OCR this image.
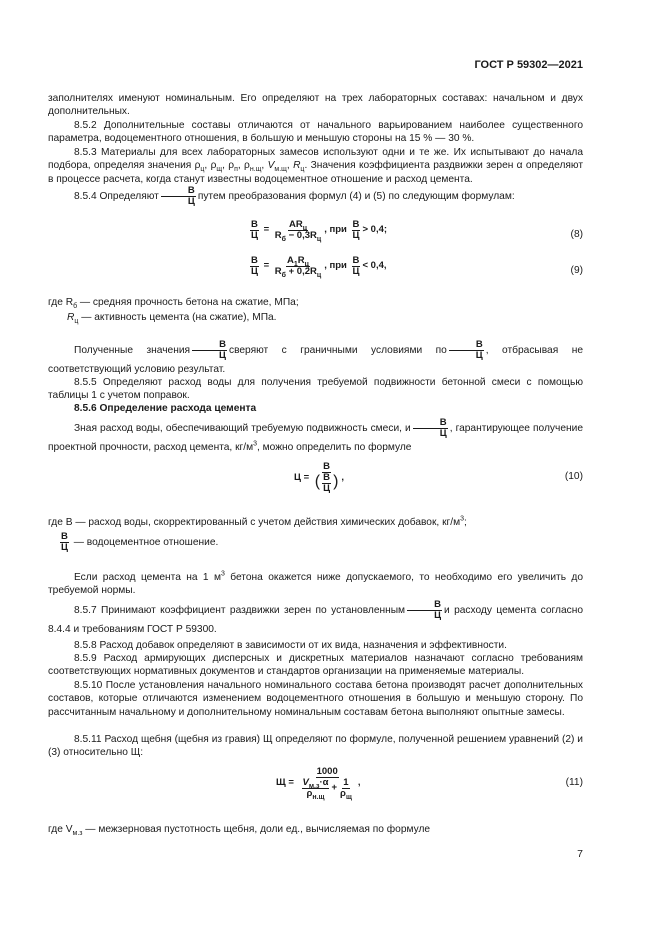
ГОСТ Р 59302—2021
заполнителях именуют номинальным. Его определяют на трех лабораторных составах: начальном и двух дополнительных.
8.5.2 Дополнительные составы отличаются от начального варьированием наиболее существенного параметра, водоцементного отношения, в большую и меньшую стороны на 15 % — 30 %.
8.5.3 Материалы для всех лабораторных замесов используют одни и те же. Их испытывают до начала подбора, определяя значения $\rho_ц$, $\rho_щ$, $\rho_п$, $\rho_{н.щ}$, $V_{м.щ}$, $R_ц$. Значения коэффициента раздвижки зерен α определяют в процессе расчета, когда станут известны водоцементное отношение и расход цемента.
8.5.4 Определяют
В
Ц путем преобразования формул (4) и (5) по следующим формулам:
В
Ц
= $AR_ц$
$R_б - 0,3R_ц$
, при
В
Ц
> 0,4;	(8)
В
Ц
= $A_1R_ц$
$R_б + 0,2R_ц$
, при
В
Ц
< 0,4,	(9)
где $R_б$ — средняя прочность бетона на сжатие, МПа;
$R_ц$ — активность цемента (на сжатие), МПа.
Полученные значения
В
Ц сверяют с граничными условиями по
В
Ц , отбрасывая не соответствующий условию результат.
8.5.5 Определяют расход воды для получения требуемой подвижности бетонной смеси с помощью таблицы 1 с учетом поправок.
8.5.6 Определение расхода цемента
Зная расход воды, обеспечивающий требуемую подвижность смеси, и
В
Ц , гарантирующее получение проектной прочности, расход цемента, $кг/м^3$, можно определить по формуле
Ц =

В
( В
Ц ) ,	(10)
где В — расход воды, скорректированный с учетом действия химических добавок, $кг/м^3$;
В
Ц — водоцементное отношение.
Если расход цемента на 1 $м^3$ бетона окажется ниже допускаемого, то необходимо его увеличить до требуемой нормы.
8.5.7 Принимают коэффициент раздвижки зерен по установленным
В
Ц и расходу цемента согласно 8.4.4 и требованиям ГОСТ Р 59300.
8.5.8 Расход добавок определяют в зависимости от их вида, назначения и эффективности.
8.5.9 Расход армирующих дисперсных и дискретных материалов назначают согласно требованиям соответствующих нормативных документов и стандартов организации на применяемые материалы.
8.5.10 После установления начального номинального состава бетона производят расчет дополнительных составов, которые отличаются изменением водоцементного отношения в большую и меньшую сторону. По рассчитанным начальному и дополнительному номинальным составам бетона выполняют опытные замесы.
8.5.11 Расход щебня (щебня из гравия) Щ определяют по формуле, полученной решением уравнений (2) и (3) относительно Щ:
Щ =

1000
$V_{м.з}\cdot\alpha$
$\rho_{н.щ}$
+ 1
$\rho_щ$
,	(11)
где $V_{м.з}$ — межзерновая пустотность щебня, доли ед., вычисляемая по формуле
7
